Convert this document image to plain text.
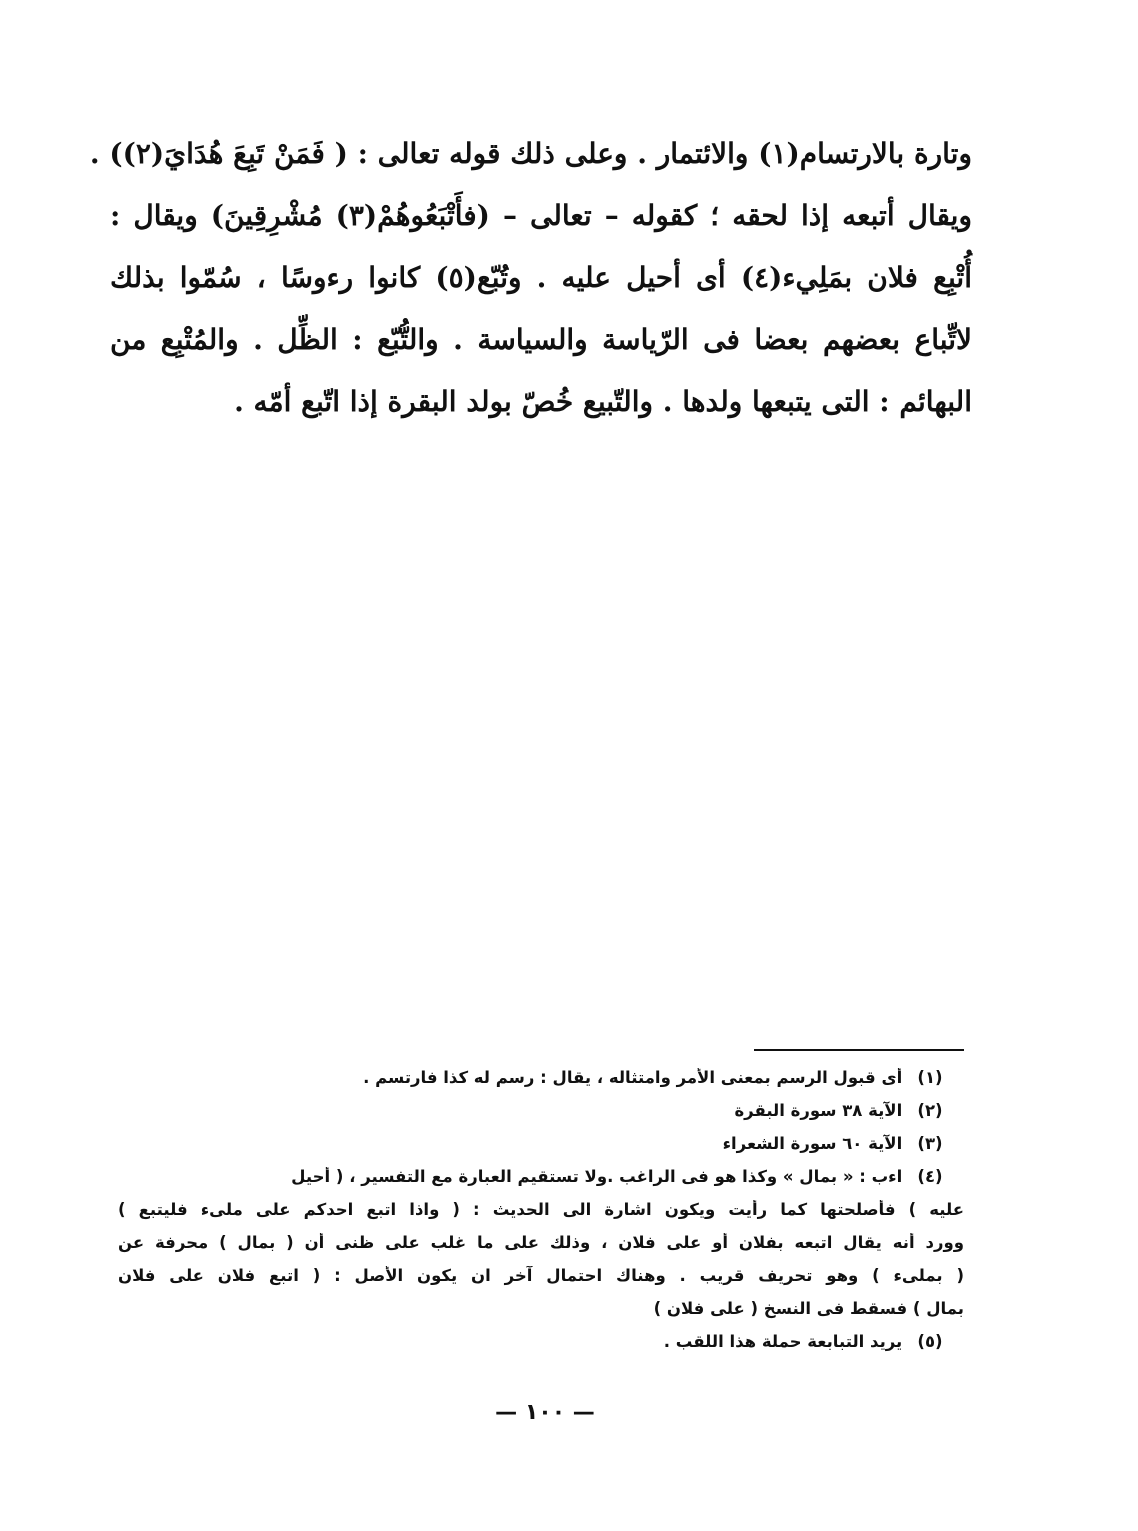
وتارة بالارتسام(١) والائتمار . وعلى ذلك قوله تعالى : ( فَمَنْ تَبِعَ هُدَايَ(٢)) .
ويقال أتبعه إذا لحقه ؛ كقوله – تعالى – (فأَتْبَعُوهُمْ(٣) مُشْرِقِينَ) ويقال :
أُتْبِع فلان بمَلِيء(٤) أى أحيل عليه . وتُبّع(٥) كانوا رءوسًا ، سُمّوا بذلك
لاتِّباع بعضهم بعضا فى الرّياسة والسياسة . والتُّبّع : الظِّل . والمُتْبِع من
البهائم : التى يتبعها ولدها . والتّبيع خُصّ بولد البقرة إذا اتّبع أمّه .
(١) أى قبول الرسم بمعنى الأمر وامتثاله ، يقال : رسم له كذا فارتسم .
(٢) الآية ٣٨ سورة البقرة
(٣) الآية ٦٠ سورة الشعراء
(٤) اءب : « بمال » وكذا هو فى الراغب .ولا تستقيم العبارة مع التفسير ، ( أحيل
عليه ) فأصلحتها كما رأيت ويكون اشارة الى الحديث : ( واذا اتبع احدكم على ملىء فليتبع )
وورد أنه يقال اتبعه بفلان أو على فلان ، وذلك على ما غلب على ظنى أن ( بمال ) محرفة عن
( بملىء ) وهو تحريف قريب . وهناك احتمال آخر ان يكون الأصل : ( اتبع فلان على فلان
بمال ) فسقط فى النسخ ( على فلان )
(٥) يريد التبابعة حملة هذا اللقب .
— ١٠٠ —
